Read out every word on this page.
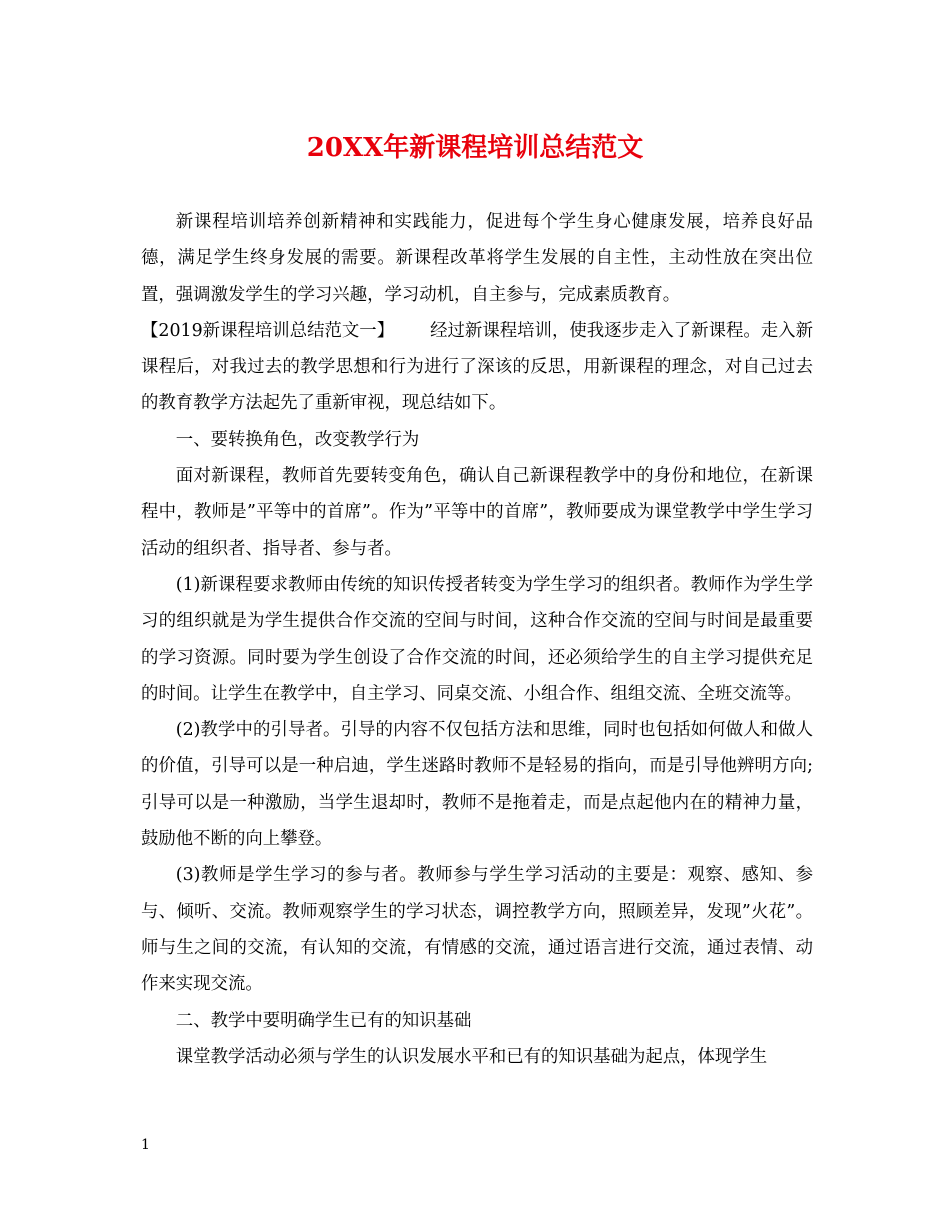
20XX年新课程培训总结范文

新课程培训培养创新精神和实践能力，促进每个学生身心健康发展，培养良好品德，满足学生终身发展的需要。新课程改革将学生发展的自主性，主动性放在突出位置，强调激发学生的学习兴趣，学习动机，自主参与，完成素质教育。

【2019新课程培训总结范文一】 经过新课程培训，使我逐步走入了新课程。走入新课程后，对我过去的教学思想和行为进行了深该的反思，用新课程的理念，对自己过去的教育教学方法起先了重新审视，现总结如下。

一、要转换角色，改变教学行为

面对新课程，教师首先要转变角色，确认自己新课程教学中的身份和地位，在新课程中，教师是”平等中的首席”。作为”平等中的首席”，教师要成为课堂教学中学生学习活动的组织者、指导者、参与者。

(1)新课程要求教师由传统的知识传授者转变为学生学习的组织者。教师作为学生学习的组织就是为学生提供合作交流的空间与时间，这种合作交流的空间与时间是最重要的学习资源。同时要为学生创设了合作交流的时间，还必须给学生的自主学习提供充足的时间。让学生在教学中，自主学习、同桌交流、小组合作、组组交流、全班交流等。

(2)教学中的引导者。引导的内容不仅包括方法和思维，同时也包括如何做人和做人的价值，引导可以是一种启迪，学生迷路时教师不是轻易的指向，而是引导他辨明方向;引导可以是一种激励，当学生退却时，教师不是拖着走，而是点起他内在的精神力量，鼓励他不断的向上攀登。

(3)教师是学生学习的参与者。教师参与学生学习活动的主要是：观察、感知、参与、倾听、交流。教师观察学生的学习状态，调控教学方向，照顾差异，发现”火花”。师与生之间的交流，有认知的交流，有情感的交流，通过语言进行交流，通过表情、动作来实现交流。

二、教学中要明确学生已有的知识基础

课堂教学活动必须与学生的认识发展水平和已有的知识基础为起点，体现学生

1
